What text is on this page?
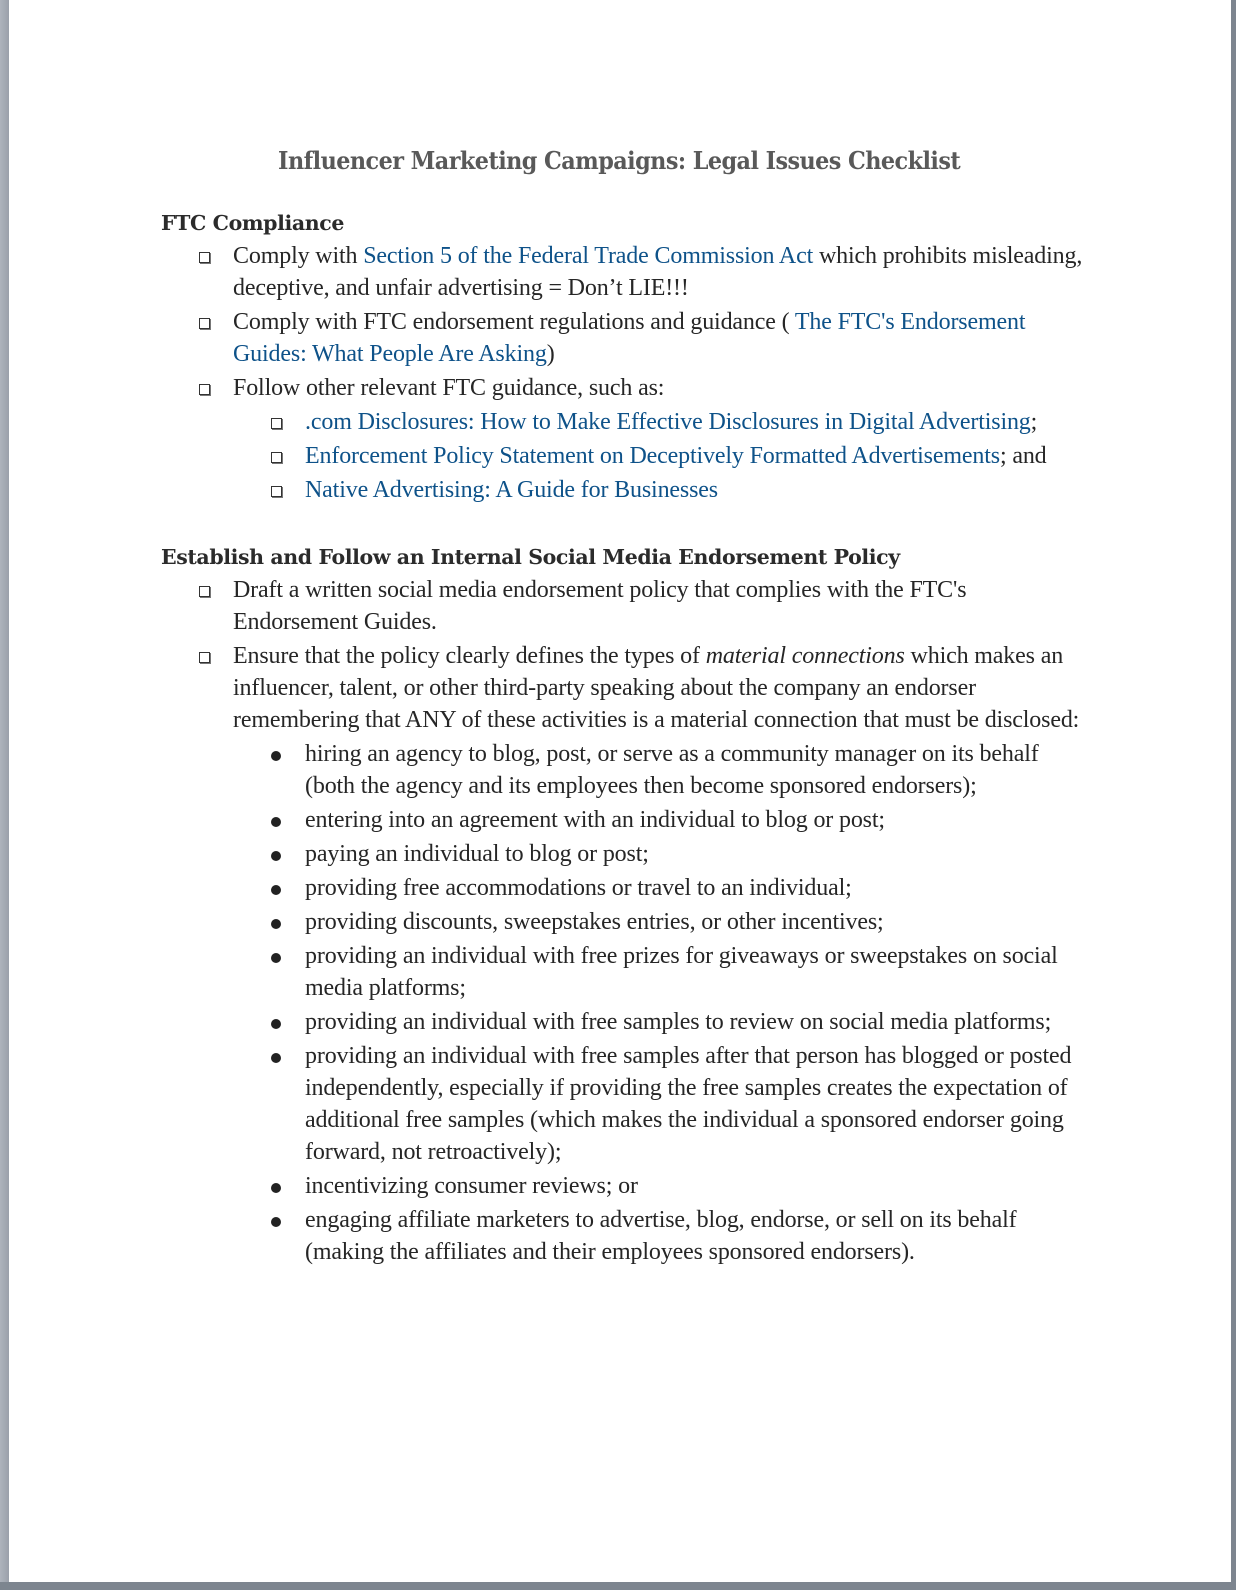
Influencer Marketing Campaigns: Legal Issues Checklist
FTC Compliance
Comply with Section 5 of the Federal Trade Commission Act which prohibits misleading, deceptive, and unfair advertising = Don’t LIE!!!
Comply with FTC endorsement regulations and guidance ( The FTC's Endorsement Guides: What People Are Asking)
Follow other relevant FTC guidance, such as:
.com Disclosures: How to Make Effective Disclosures in Digital Advertising;
Enforcement Policy Statement on Deceptively Formatted Advertisements; and
Native Advertising: A Guide for Businesses
Establish and Follow an Internal Social Media Endorsement Policy
Draft a written social media endorsement policy that complies with the FTC's Endorsement Guides.
Ensure that the policy clearly defines the types of material connections which makes an influencer, talent, or other third-party speaking about the company an endorser remembering that ANY of these activities is a material connection that must be disclosed:
hiring an agency to blog, post, or serve as a community manager on its behalf (both the agency and its employees then become sponsored endorsers);
entering into an agreement with an individual to blog or post;
paying an individual to blog or post;
providing free accommodations or travel to an individual;
providing discounts, sweepstakes entries, or other incentives;
providing an individual with free prizes for giveaways or sweepstakes on social media platforms;
providing an individual with free samples to review on social media platforms;
providing an individual with free samples after that person has blogged or posted independently, especially if providing the free samples creates the expectation of additional free samples (which makes the individual a sponsored endorser going forward, not retroactively);
incentivizing consumer reviews; or
engaging affiliate marketers to advertise, blog, endorse, or sell on its behalf (making the affiliates and their employees sponsored endorsers).
